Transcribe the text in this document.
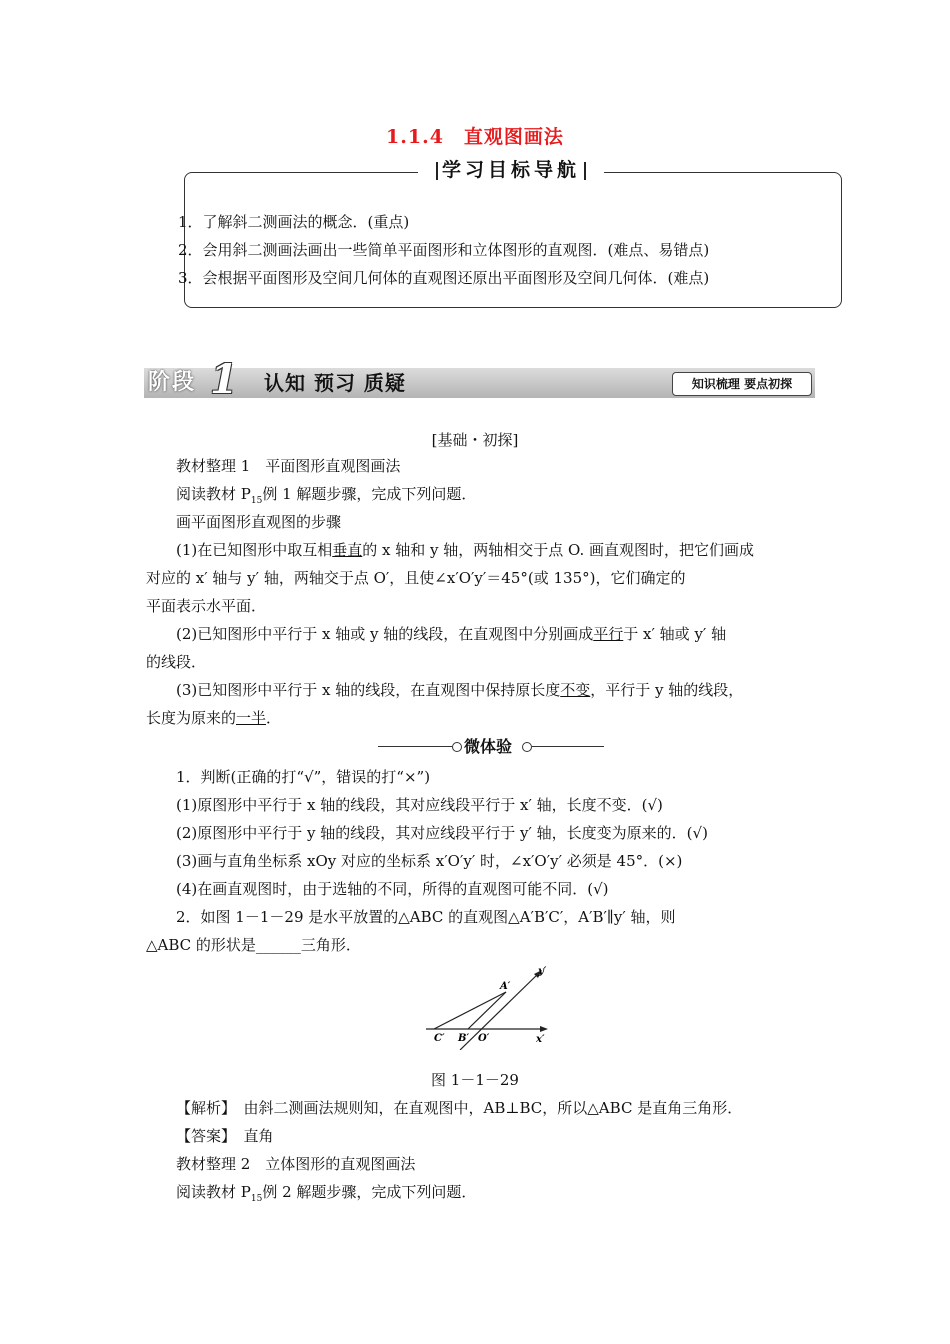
1.1.4　直观图画法
学习目标导航
1．了解斜二测画法的概念．(重点)
2．会用斜二测画法画出一些简单平面图形和立体图形的直观图．(难点、易错点)
3．会根据平面图形及空间几何体的直观图还原出平面图形及空间几何体．(难点)
阶段 1 认知 预习 质疑	知识梳理 要点初探
[基础・初探]
教材整理 1　平面图形直观图画法
阅读教材 $P_{15}$例 1 解题步骤，完成下列问题．
画平面图形直观图的步骤
(1)在已知图形中取互相垂直的 x 轴和 y 轴，两轴相交于点 O. 画直观图时，把它们画成
对应的 x′ 轴与 y′ 轴，两轴交于点 O′，且使∠x′O′y′＝45°(或 135°)，它们确定的
平面表示水平面．
(2)已知图形中平行于 x 轴或 y 轴的线段，在直观图中分别画成平行于 x′ 轴或 y′ 轴
的线段．
(3)已知图形中平行于 x 轴的线段，在直观图中保持原长度不变，平行于 y 轴的线段，
长度为原来的一半．
微体验
1．判断(正确的打“√”，错误的打“×”)
(1)原图形中平行于 x 轴的线段，其对应线段平行于 x′ 轴，长度不变．(√)
(2)原图形中平行于 y 轴的线段，其对应线段平行于 y′ 轴，长度变为原来的．(√)
(3)画与直角坐标系 xOy 对应的坐标系 x′O′y′ 时，∠x′O′y′ 必须是 45°．(×)
(4)在画直观图时，由于选轴的不同，所得的直观图可能不同．(√)
2．如图 1－1－29 是水平放置的△ABC 的直观图△A′B′C′，A′B′∥y′ 轴，则
△ABC 的形状是______三角形．
A′
y′
C′ B′ O′	x′
图 1－1－29
【解析】　 由斜二测画法规则知，在直观图中，AB⊥BC，所以△ABC 是直角三角形．
【答案】　 直角
教材整理 2　立体图形的直观图画法
阅读教材 $P_{15}$例 2 解题步骤，完成下列问题．
